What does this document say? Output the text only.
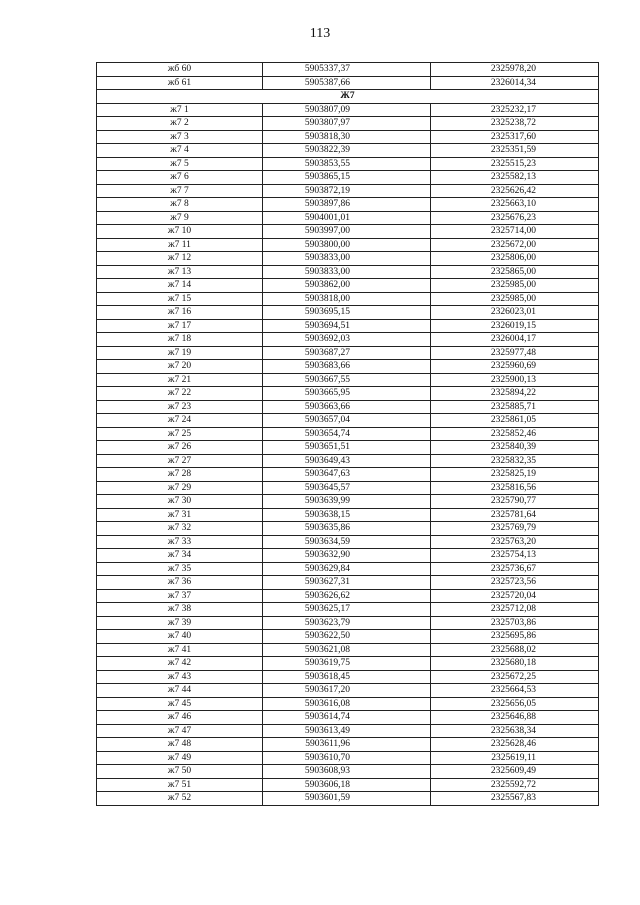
113
жб 60	5905337,37	2325978,20
жб 61	5905387,66	2326014,34
Ж7		
ж7 1	5903807,09	2325232,17
ж7 2	5903807,97	2325238,72
ж7 3	5903818,30	2325317,60
ж7 4	5903822,39	2325351,59
ж7 5	5903853,55	2325515,23
ж7 6	5903865,15	2325582,13
ж7 7	5903872,19	2325626,42
ж7 8	5903897,86	2325663,10
ж7 9	5904001,01	2325676,23
ж7 10	5903997,00	2325714,00
ж7 11	5903800,00	2325672,00
ж7 12	5903833,00	2325806,00
ж7 13	5903833,00	2325865,00
ж7 14	5903862,00	2325985,00
ж7 15	5903818,00	2325985,00
ж7 16	5903695,15	2326023,01
ж7 17	5903694,51	2326019,15
ж7 18	5903692,03	2326004,17
ж7 19	5903687,27	2325977,48
ж7 20	5903683,66	2325960,69
ж7 21	5903667,55	2325900,13
ж7 22	5903665,95	2325894,22
ж7 23	5903663,66	2325885,71
ж7 24	5903657,04	2325861,05
ж7 25	5903654,74	2325852,46
ж7 26	5903651,51	2325840,39
ж7 27	5903649,43	2325832,35
ж7 28	5903647,63	2325825,19
ж7 29	5903645,57	2325816,56
ж7 30	5903639,99	2325790,77
ж7 31	5903638,15	2325781,64
ж7 32	5903635,86	2325769,79
ж7 33	5903634,59	2325763,20
ж7 34	5903632,90	2325754,13
ж7 35	5903629,84	2325736,67
ж7 36	5903627,31	2325723,56
ж7 37	5903626,62	2325720,04
ж7 38	5903625,17	2325712,08
ж7 39	5903623,79	2325703,86
ж7 40	5903622,50	2325695,86
ж7 41	5903621,08	2325688,02
ж7 42	5903619,75	2325680,18
ж7 43	5903618,45	2325672,25
ж7 44	5903617,20	2325664,53
ж7 45	5903616,08	2325656,05
ж7 46	5903614,74	2325646,88
ж7 47	5903613,49	2325638,34
ж7 48	5903611,96	2325628,46
ж7 49	5903610,70	2325619,11
ж7 50	5903608,93	2325609,49
ж7 51	5903606,18	2325592,72
ж7 52	5903601,59	2325567,83
